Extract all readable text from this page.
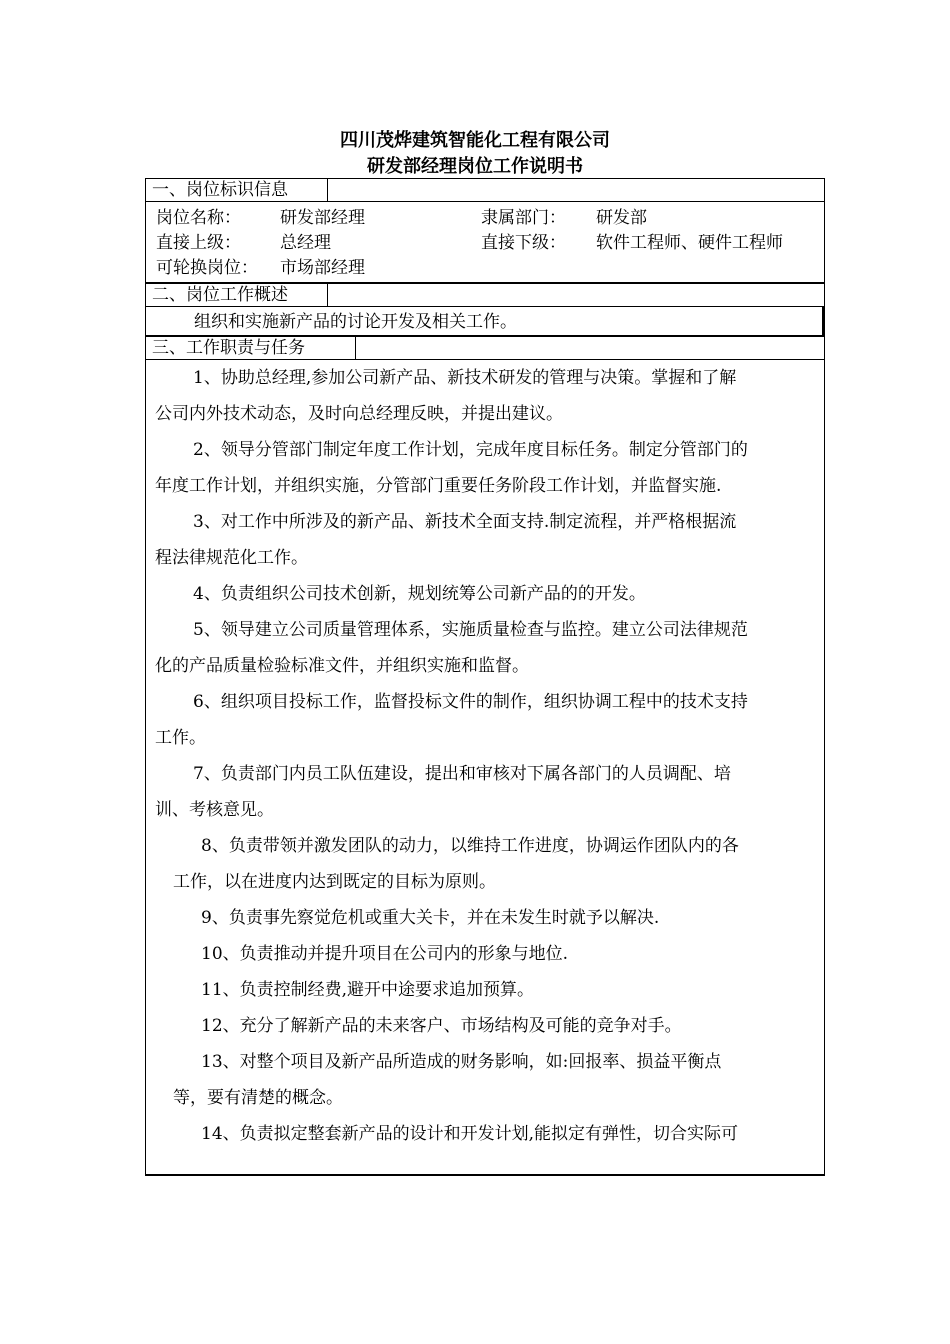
四川茂烨建筑智能化工程有限公司
研发部经理岗位工作说明书
一、岗位标识信息
岗位名称： 研发部经理	隶属部门： 研发部
直接上级： 总经理	直接下级： 软件工程师、硬件工程师
可轮换岗位： 市场部经理
二、岗位工作概述
组织和实施新产品的讨论开发及相关工作。
三、工作职责与任务
1、协助总经理,参加公司新产品、新技术研发的管理与决策。掌握和了解
公司内外技术动态，及时向总经理反映，并提出建议。
2、领导分管部门制定年度工作计划，完成年度目标任务。制定分管部门的
年度工作计划，并组织实施，分管部门重要任务阶段工作计划，并监督实施.
3、对工作中所涉及的新产品、新技术全面支持.制定流程，并严格根据流
程法律规范化工作。
4、负责组织公司技术创新，规划统筹公司新产品的的开发。
5、领导建立公司质量管理体系，实施质量检查与监控。建立公司法律规范
化的产品质量检验标准文件，并组织实施和监督。
6、组织项目投标工作，监督投标文件的制作，组织协调工程中的技术支持
工作。
7、负责部门内员工队伍建设，提出和审核对下属各部门的人员调配、培
训、考核意见。
8、负责带领并激发团队的动力，以维持工作进度，协调运作团队内的各
工作，以在进度内达到既定的目标为原则。
9、负责事先察觉危机或重大关卡，并在未发生时就予以解决.
10、负责推动并提升项目在公司内的形象与地位.
11、负责控制经费,避开中途要求追加预算。
12、充分了解新产品的未来客户、市场结构及可能的竞争对手。
13、对整个项目及新产品所造成的财务影响，如:回报率、损益平衡点
等，要有清楚的概念。
14、负责拟定整套新产品的设计和开发计划,能拟定有弹性，切合实际可
